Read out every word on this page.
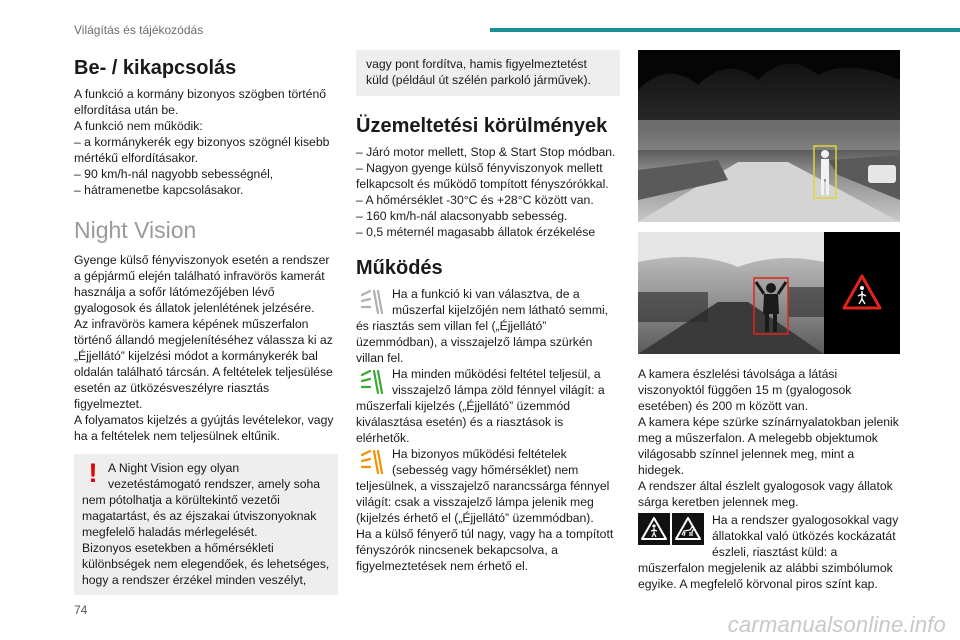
Világítás és tájékozódás
Be- / kikapcsolás

A funkció a kormány bizonyos szögben történő elfordítása után be.

A funkció nem működik:

– a kormánykerék egy bizonyos szögnél kisebb mértékű elfordításakor.

– 90 km/h-nál nagyobb sebességnél,

– hátramenetbe kapcsolásakor.

Night Vision

Gyenge külső fényviszonyok esetén a rendszer a gépjármű elején található infravörös kamerát használja a sofőr látómezőjében lévő gyalogosok és állatok jelenlétének jelzésére.

Az infravörös kamera képének műszerfalon történő állandó megjelenítéséhez válassza ki az „Éjjellátó” kijelzési módot a kormánykerék bal oldalán található tárcsán. A feltételek teljesülése esetén az ütközésveszélyre riasztás figyelmeztet.

A folyamatos kijelzés a gyújtás levételekor, vagy ha a feltételek nem teljesülnek eltűnik.

! A Night Vision egy olyan vezetéstámogató rendszer, amely soha nem pótolhatja a körültekintő vezetői magatartást, és az éjszakai útviszonyoknak megfelelő haladás mérlegelését.

Bizonyos esetekben a hőmérsékleti különbségek nem elegendőek, és lehetséges, hogy a rendszer érzékel minden veszélyt,

vagy pont fordítva, hamis figyelmeztetést küld (például út szélén parkoló járművek).

Üzemeltetési körülmények

– Járó motor mellett, Stop & Start Stop módban.

– Nagyon gyenge külső fényviszonyok mellett felkapcsolt és működő tompított fényszórókkal.

– A hőmérséklet -30°C és +28°C között van.

– 160 km/h-nál alacsonyabb sebesség.

– 0,5 méternél magasabb állatok érzékelése

Működés

Ha a funkció ki van választva, de a műszerfal kijelzőjén nem látható semmi, és riasztás sem villan fel („Éjjellátó” üzemmódban), a visszajelző lámpa szürkén villan fel.

Ha minden működési feltétel teljesül, a visszajelző lámpa zöld fénnyel világít: a műszerfali kijelzés („Éjjellátó” üzemmód kiválasztása esetén) és a riasztások is elérhetők.

Ha bizonyos működési feltételek (sebesség vagy hőmérséklet) nem teljesülnek, a visszajelző narancssárga fénnyel világít: csak a visszajelző lámpa jelenik meg (kijelzés érhető el („Éjjellátó” üzemmódban).

Ha a külső fényerő túl nagy, vagy ha a tompított fényszórók nincsenek bekapcsolva, a figyelmeztetések nem érhető el.

A kamera észlelési távolsága a látási viszonyoktól függően 15 m (gyalogosok esetében) és 200 m között van.

A kamera képe szürke színárnyalatokban jelenik meg a műszerfalon. A melegebb objektumok világosabb színnel jelennek meg, mint a hidegek.

A rendszer által észlelt gyalogosok vagy állatok sárga keretben jelennek meg.

Ha a rendszer gyalogosokkal vagy állatokkal való ütközés kockázatát észleli, riasztást küld: a műszerfalon megjelenik az alábbi szimbólumok egyike. A megfelelő körvonal piros színt kap.

74
carmanualsonline.info
